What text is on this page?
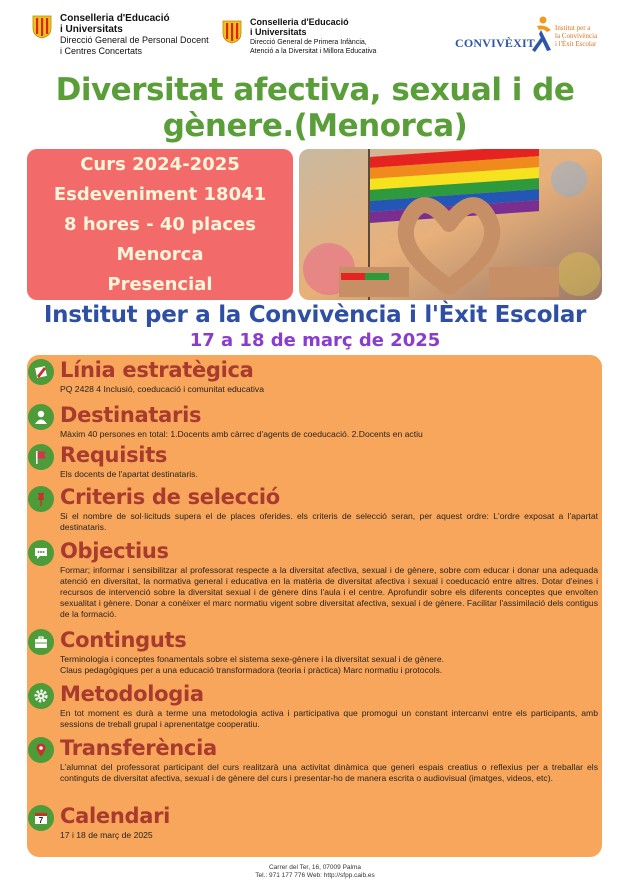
Conselleria d'Educació
i Universitats
Direcció General de Personal Docent
i Centres Concertats
Conselleria d'Educació
i Universitats
Direcció General de Primera Infància,
Atenció a la Diversitat i Millora Educativa
CONVIVÈXIT
Institut per a
la Convivència
i l'Èxit Escolar
Diversitat afectiva, sexual i de
gènere.(Menorca)
Curs 2024-2025
Esdeveniment 18041
8 hores - 40 places
Menorca
Presencial
Institut per a la Convivència i l'Èxit Escolar
17 a 18 de març de 2025
Línia estratègica
PQ 2428 4 Inclusió, coeducació i comunitat educativa
Destinataris
Màxim 40 persones en total: 1.Docents amb càrrec d'agents de coeducació. 2.Docents en actiu
Requisits
Els docents de l'apartat destinataris.
Criteris de selecció
Si el nombre de sol·licituds supera el de places oferides. els criteris de selecció seran, per aquest ordre: L'ordre exposat a l'apartat destinataris.
Objectius
Formar; informar i sensibilitzar al professorat respecte a la diversitat afectiva, sexual i de gènere, sobre com educar i donar una adequada atenció en diversitat, la normativa general i educativa en la matèria de diversitat afectiva i sexual i coeducació entre altres. Dotar d'eines i recursos de intervenció sobre la diversitat sexual i de gènere dins l'aula i el centre. Aprofundir sobre els diferents conceptes que envolten sexualitat i gènere. Donar a conèixer el marc normatiu vigent sobre diversitat afectiva, sexual i de gènere. Facilitar l'assimilació dels contigus de la formació.
Continguts
Terminologia i conceptes fonamentals sobre el sistema sexe-gènere i la diversitat sexual i de gènere.
Claus pedagògiques per a una educació transformadora (teoria i pràctica) Marc normatiu i protocols.
Metodologia
En tot moment es durà a terme una metodologia activa i participativa que promogui un constant intercanvi entre els participants, amb sessions de treball grupal i aprenentatge cooperatiu.
Transferència
L'alumnat del professorat participant del curs realitzarà una activitat dinàmica que generi espais creatius o reflexius per a treballar els continguts de diversitat afectiva, sexual i de gènere del curs i presentar-ho de manera escrita o audiovisual (imatges, videos, etc).
7 Calendari
17 i 18 de març de 2025
Carrer del Ter, 16, 07009 Palma
Tel.: 971 177 776 Web: http://sfpp.caib.es
